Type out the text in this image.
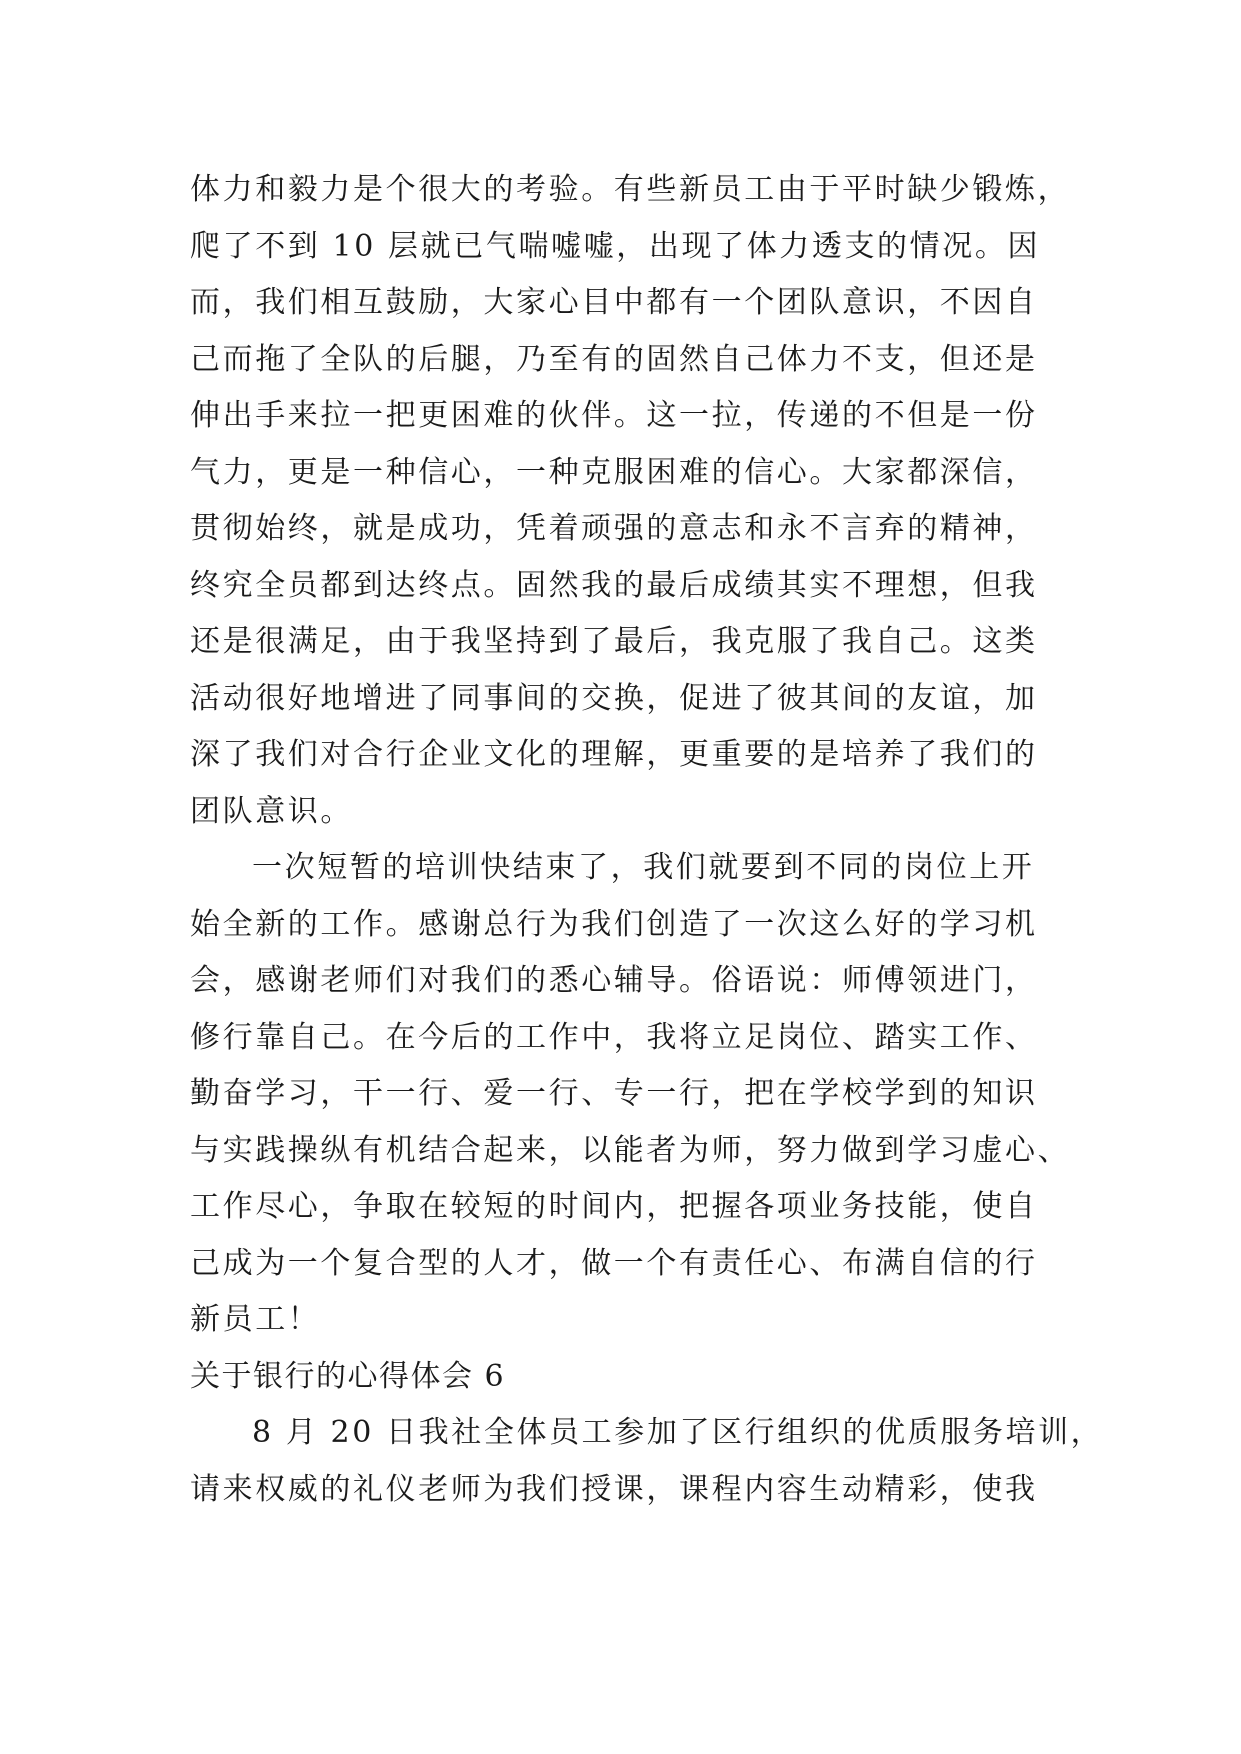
体力和毅力是个很大的考验。有些新员工由于平时缺少锻炼，
爬了不到 10 层就已气喘嘘嘘，出现了体力透支的情况。因
而，我们相互鼓励，大家心目中都有一个团队意识，不因自
己而拖了全队的后腿，乃至有的固然自己体力不支，但还是
伸出手来拉一把更困难的伙伴。这一拉，传递的不但是一份
气力，更是一种信心，一种克服困难的信心。大家都深信，
贯彻始终，就是成功，凭着顽强的意志和永不言弃的精神，
终究全员都到达终点。固然我的最后成绩其实不理想，但我
还是很满足，由于我坚持到了最后，我克服了我自己。这类
活动很好地增进了同事间的交换，促进了彼其间的友谊，加
深了我们对合行企业文化的理解，更重要的是培养了我们的
团队意识。
一次短暂的培训快结束了，我们就要到不同的岗位上开
始全新的工作。感谢总行为我们创造了一次这么好的学习机
会，感谢老师们对我们的悉心辅导。俗语说：师傅领进门，
修行靠自己。在今后的工作中，我将立足岗位、踏实工作、
勤奋学习，干一行、爱一行、专一行，把在学校学到的知识
与实践操纵有机结合起来，以能者为师，努力做到学习虚心、
工作尽心，争取在较短的时间内，把握各项业务技能，使自
己成为一个复合型的人才，做一个有责任心、布满自信的行
新员工！
关于银行的心得体会 6
8 月 20 日我社全体员工参加了区行组织的优质服务培训，
请来权威的礼仪老师为我们授课，课程内容生动精彩，使我
